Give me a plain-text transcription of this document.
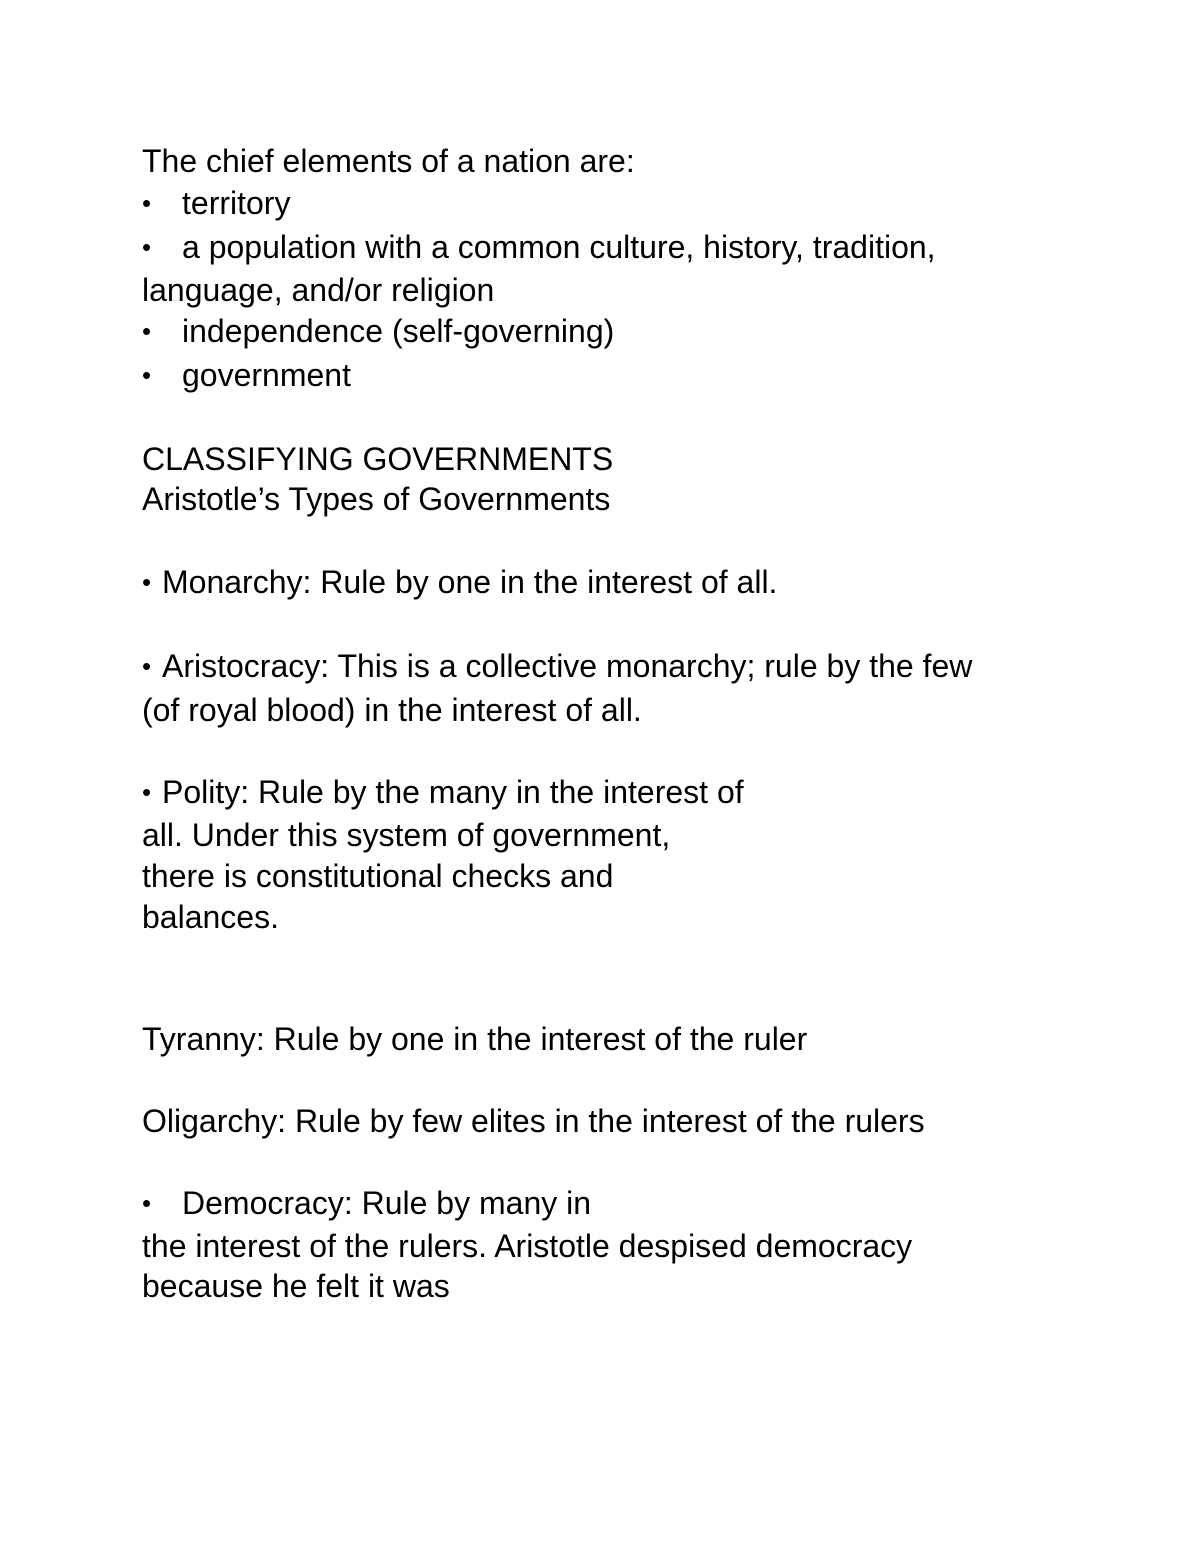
The chief elements of a nation are:

• territory

• a population with a common culture, history, tradition,

language, and/or religion

• independence (self-governing)

• government

CLASSIFYING GOVERNMENTS

Aristotle’s Types of Governments

• Monarchy: Rule by one in the interest of all.

• Aristocracy: This is a collective monarchy; rule by the few

(of royal blood) in the interest of all.

• Polity: Rule by the many in the interest of

all. Under this system of government,

there is constitutional checks and

balances.

Tyranny: Rule by one in the interest of the ruler

Oligarchy: Rule by few elites in the interest of the rulers

• Democracy: Rule by many in

the interest of the rulers. Aristotle despised democracy

because he felt it was
